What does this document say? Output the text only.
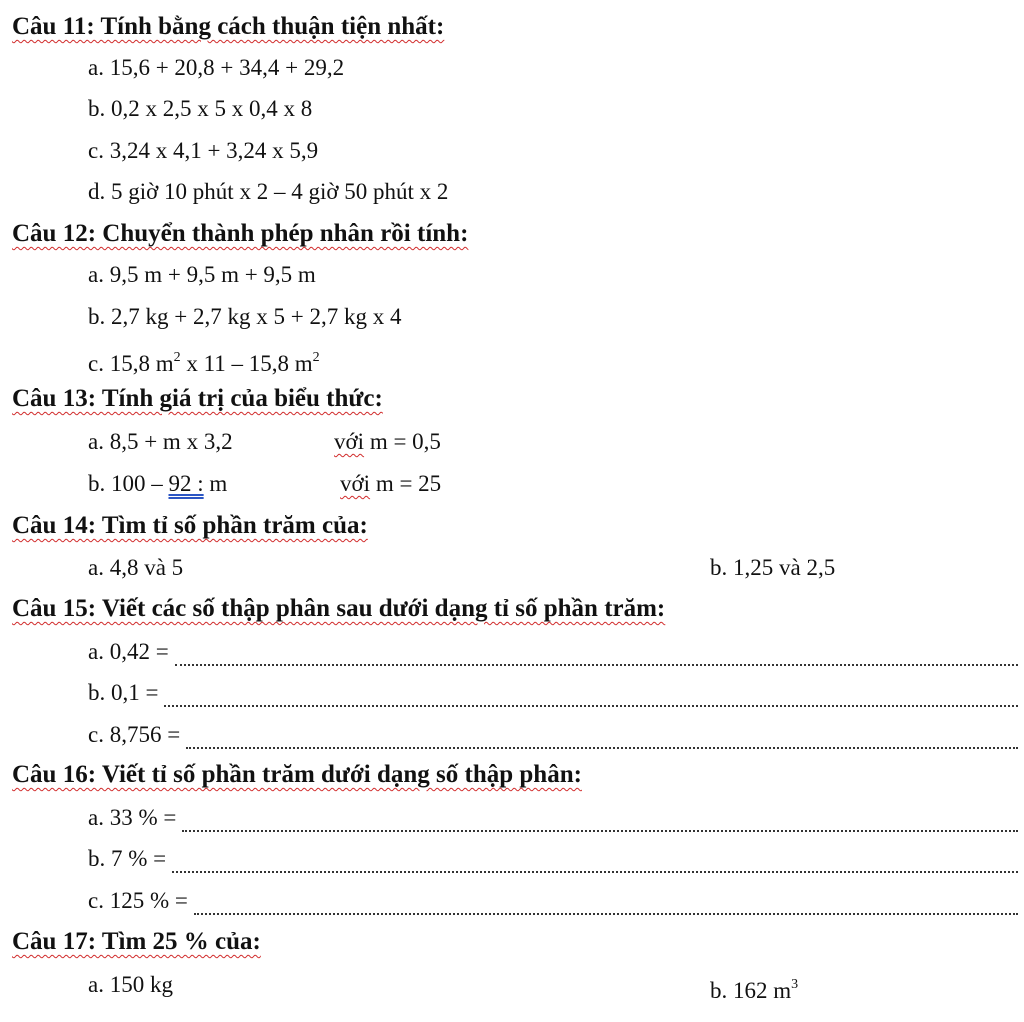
Câu 11: Tính bằng cách thuận tiện nhất:
a. 15,6 + 20,8 + 34,4 + 29,2
b. 0,2 x 2,5 x 5 x 0,4 x 8
c. 3,24 x 4,1 + 3,24 x 5,9
d. 5 giờ 10 phút x 2 – 4 giờ 50 phút x 2
Câu 12: Chuyển thành phép nhân rồi tính:
a. 9,5 m + 9,5 m + 9,5 m
b. 2,7 kg + 2,7 kg x 5 + 2,7 kg x 4
c. 15,8 $m^2$ x 11 – 15,8 $m^2$
Câu 13: Tính giá trị của biểu thức:
a. 8,5 + m x 3,2	với m = 0,5
b. 100 – 92 : m	với m = 25
Câu 14: Tìm tỉ số phần trăm của:
a. 4,8 và 5	b. 1,25 và 2,5
Câu 15: Viết các số thập phân sau dưới dạng tỉ số phần trăm:
a. 0,42 =
b. 0,1 =
c. 8,756 =
Câu 16: Viết tỉ số phần trăm dưới dạng số thập phân:
a. 33 % =
b. 7 % =
c. 125 % =
Câu 17: Tìm 25 % của:
a. 150 kg	b. 162 $m^3$
